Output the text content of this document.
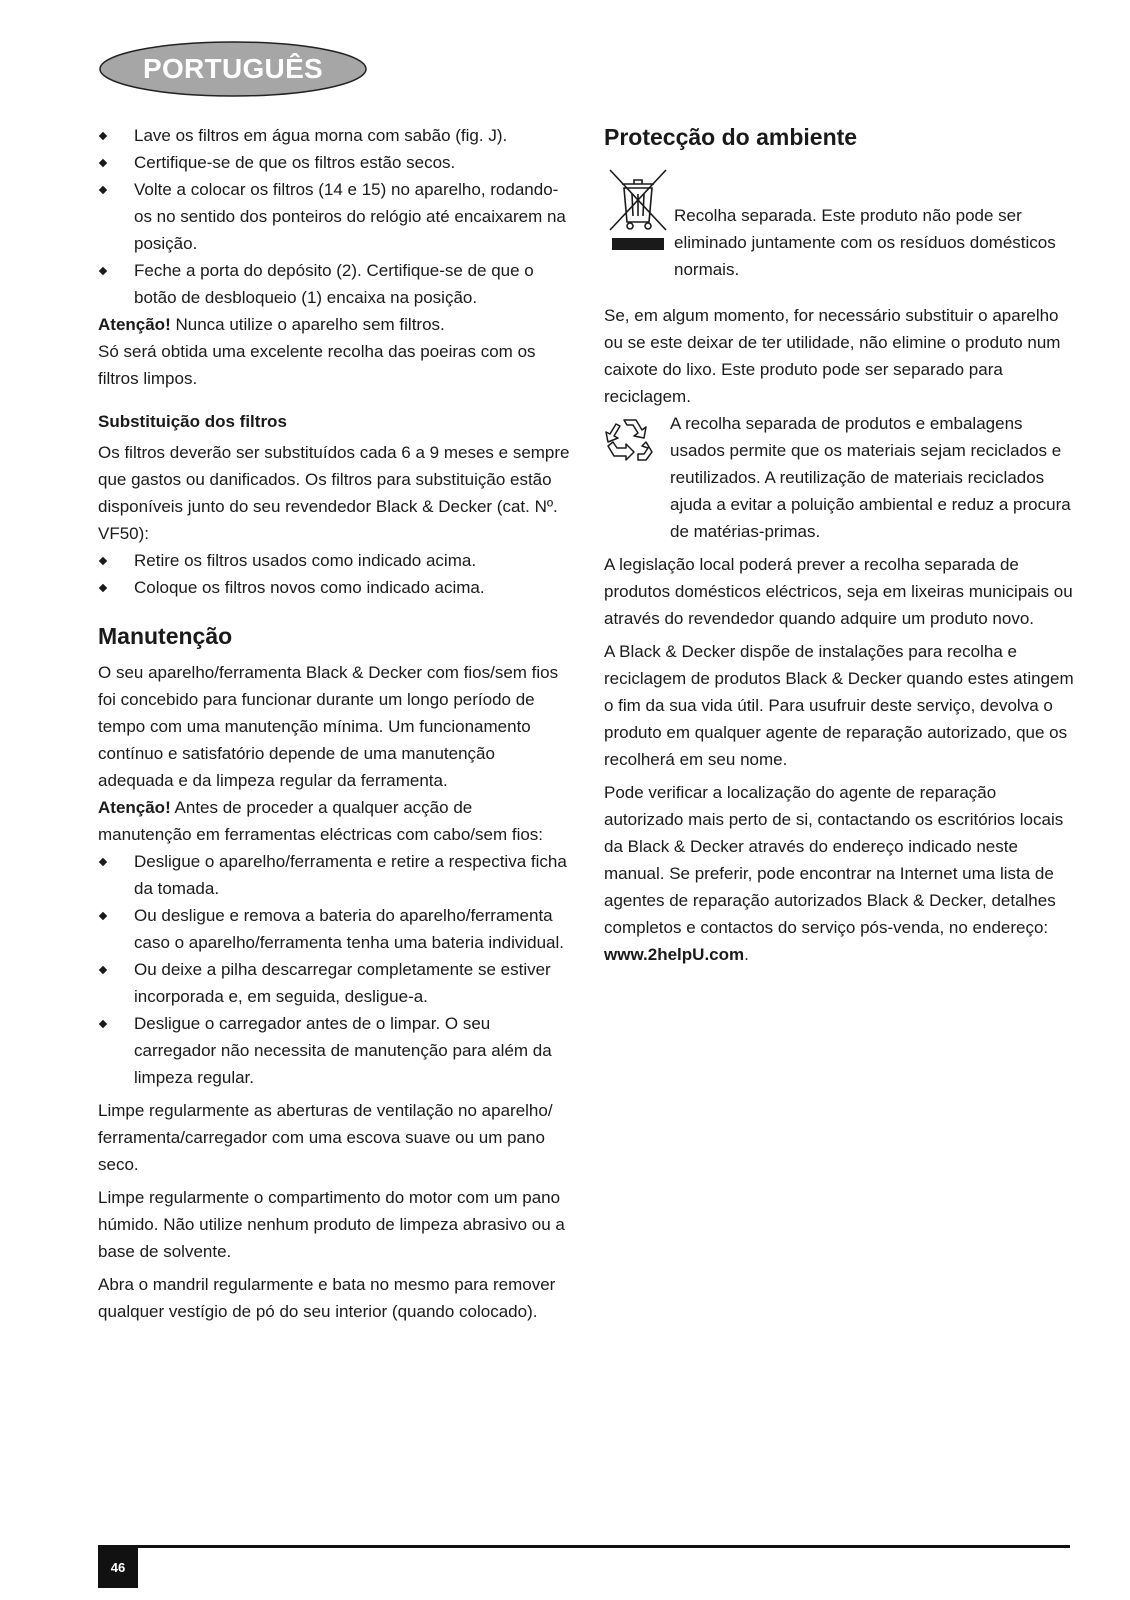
PORTUGUÊS
Lave os filtros em água morna com sabão (fig. J).
Certifique-se de que os filtros estão secos.
Volte a colocar os filtros (14 e 15) no aparelho, rodando-os no sentido dos ponteiros do relógio até encaixarem na posição.
Feche a porta do depósito (2). Certifique-se de que o botão de desbloqueio (1) encaixa na posição.

Atenção! Nunca utilize o aparelho sem filtros.

Só será obtida uma excelente recolha das poeiras com os filtros limpos.

Substituição dos filtros

Os filtros deverão ser substituídos cada 6 a 9 meses e sempre que gastos ou danificados. Os filtros para substituição estão disponíveis junto do seu revendedor Black & Decker (cat. Nº. VF50):

Retire os filtros usados como indicado acima.
Coloque os filtros novos como indicado acima.
Manutenção

O seu aparelho/ferramenta Black & Decker com fios/sem fios foi concebido para funcionar durante um longo período de tempo com uma manutenção mínima. Um funcionamento contínuo e satisfatório depende de uma manutenção adequada e da limpeza regular da ferramenta.

Atenção! Antes de proceder a qualquer acção de manutenção em ferramentas eléctricas com cabo/sem fios:

Desligue o aparelho/ferramenta e retire a respectiva ficha da tomada.
Ou desligue e remova a bateria do aparelho/ferramenta caso o aparelho/ferramenta tenha uma bateria individual.
Ou deixe a pilha descarregar completamente se estiver incorporada e, em seguida, desligue-a.
Desligue o carregador antes de o limpar. O seu carregador não necessita de manutenção para além da limpeza regular.

Limpe regularmente as aberturas de ventilação no aparelho/ ferramenta/carregador com uma escova suave ou um pano seco.

Limpe regularmente o compartimento do motor com um pano húmido. Não utilize nenhum produto de limpeza abrasivo ou a base de solvente.

Abra o mandril regularmente e bata no mesmo para remover qualquer vestígio de pó do seu interior (quando colocado).

Protecção do ambiente
Recolha separada. Este produto não pode ser eliminado juntamente com os resíduos domésticos normais.

Se, em algum momento, for necessário substituir o aparelho ou se este deixar de ter utilidade, não elimine o produto num caixote do lixo. Este produto pode ser separado para reciclagem.

A recolha separada de produtos e embalagens usados permite que os materiais sejam reciclados e reutilizados. A reutilização de materiais reciclados ajuda a evitar a poluição ambiental e reduz a procura de matérias-primas.

A legislação local poderá prever a recolha separada de produtos domésticos eléctricos, seja em lixeiras municipais ou através do revendedor quando adquire um produto novo.

A Black & Decker dispõe de instalações para recolha e reciclagem de produtos Black & Decker quando estes atingem o fim da sua vida útil. Para usufruir deste serviço, devolva o produto em qualquer agente de reparação autorizado, que os recolherá em seu nome.

Pode verificar a localização do agente de reparação autorizado mais perto de si, contactando os escritórios locais da Black & Decker através do endereço indicado neste manual. Se preferir, pode encontrar na Internet uma lista de agentes de reparação autorizados Black & Decker, detalhes completos e contactos do serviço pós-venda, no endereço: www.2helpU.com.

46
